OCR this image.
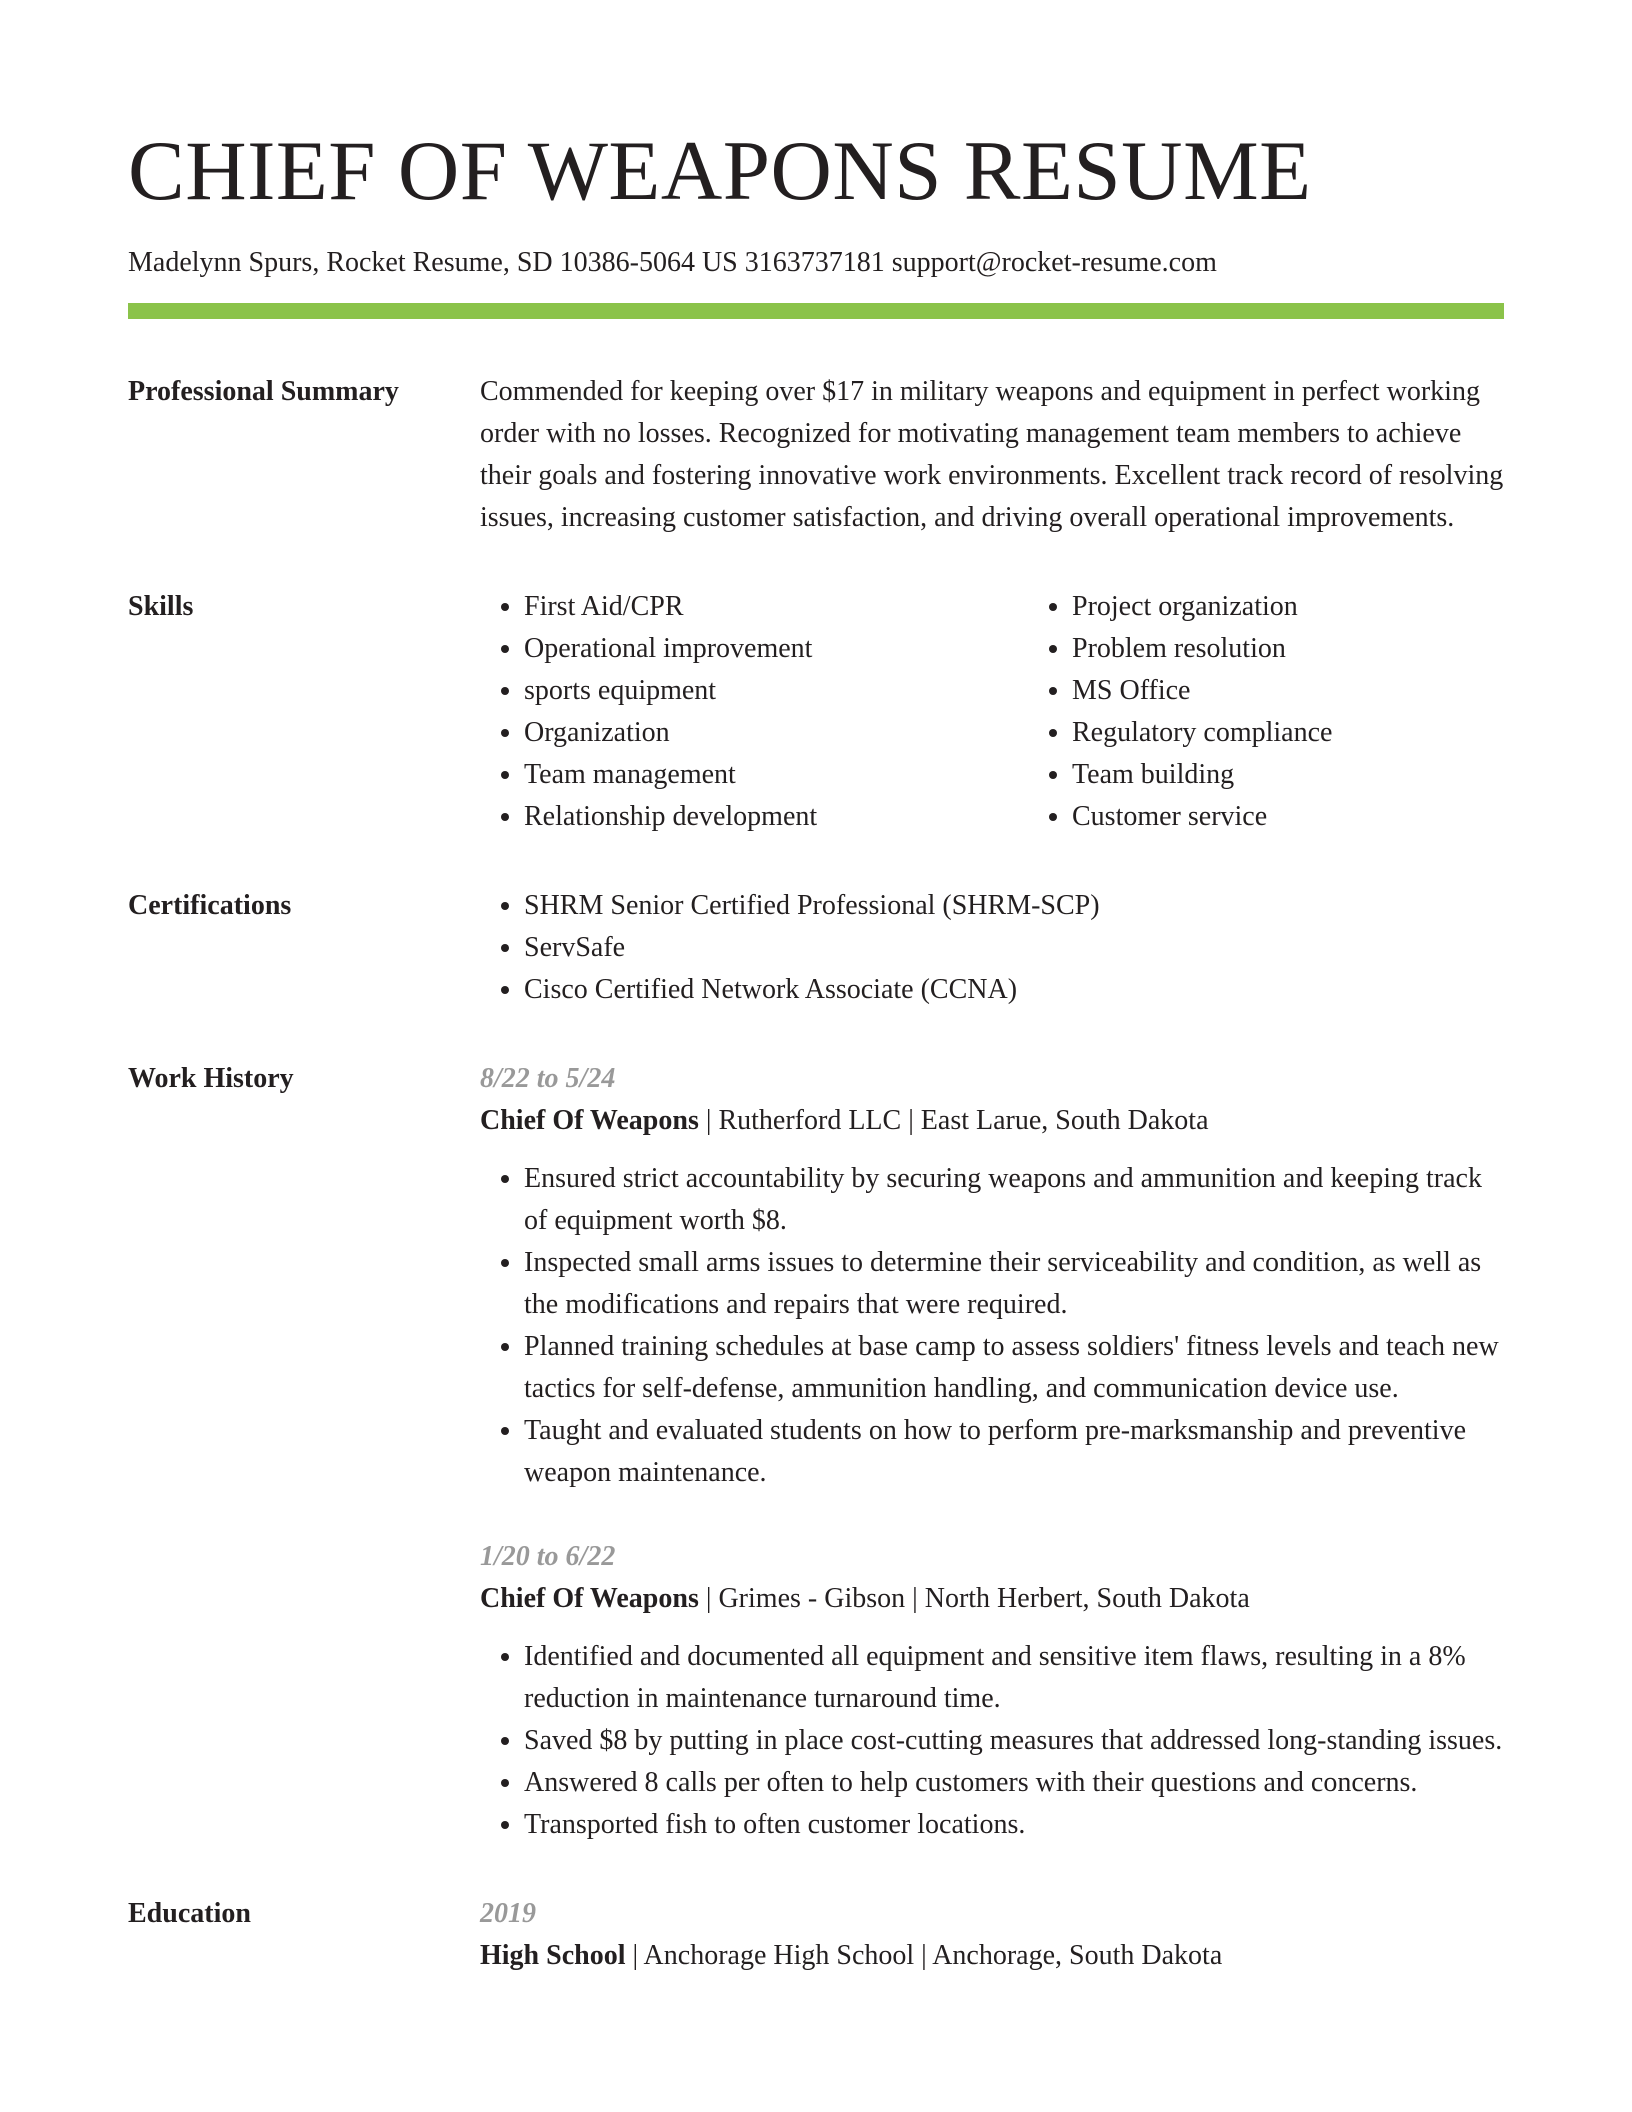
CHIEF OF WEAPONS RESUME
Madelynn Spurs, Rocket Resume, SD 10386-5064 US 3163737181 support@rocket-resume.com
Professional Summary	Commended for keeping over $17 in military weapons and equipment in perfect working order with no losses. Recognized for motivating management team members to achieve their goals and fostering innovative work environments. Excellent track record of resolving issues, increasing customer satisfaction, and driving overall operational improvements.

Skills	• First Aid/CPR
• Operational improvement
• sports equipment
• Organization
• Team management
• Relationship development
• Project organization
• Problem resolution
• MS Office
• Regulatory compliance
• Team building
• Customer service
Certifications	• SHRM Senior Certified Professional (SHRM-SCP)
• ServSafe
• Cisco Certified Network Associate (CCNA)
Work History	8/22 to 5/24
Chief Of Weapons | Rutherford LLC | East Larue, South Dakota
• Ensured strict accountability by securing weapons and ammunition and keeping track of equipment worth $8.
• Inspected small arms issues to determine their serviceability and condition, as well as the modifications and repairs that were required.
• Planned training schedules at base camp to assess soldiers' fitness levels and teach new tactics for self-defense, ammunition handling, and communication device use.
• Taught and evaluated students on how to perform pre-marksmanship and preventive weapon maintenance.
1/20 to 6/22
Chief Of Weapons | Grimes - Gibson | North Herbert, South Dakota
• Identified and documented all equipment and sensitive item flaws, resulting in a 8% reduction in maintenance turnaround time.
• Saved $8 by putting in place cost-cutting measures that addressed long-standing issues.
• Answered 8 calls per often to help customers with their questions and concerns.
• Transported fish to often customer locations.
Education	2019
High School | Anchorage High School | Anchorage, South Dakota
